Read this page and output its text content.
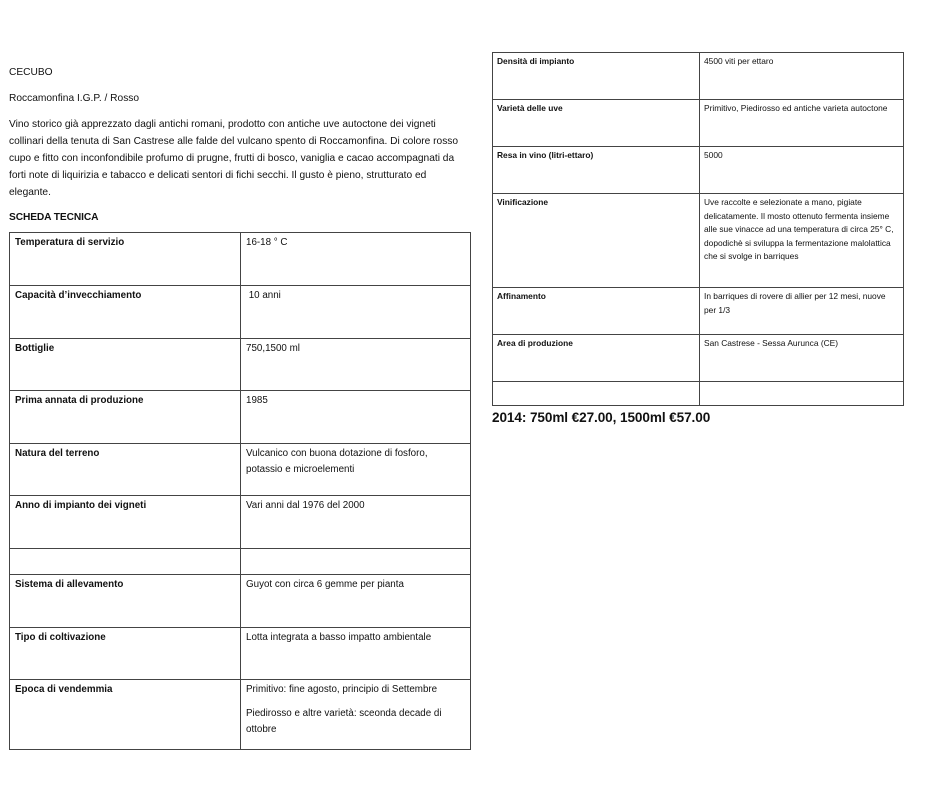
CECUBO

Roccamonfina I.G.P. / Rosso

Vino storico già apprezzato dagli antichi romani, prodotto con antiche uve autoctone dei vigneti collinari della tenuta di San Castrese alle falde del vulcano spento di Roccamonfina. Di colore rosso cupo e fitto con inconfondibile profumo di prugne, frutti di bosco, vaniglia e cacao accompagnati da forti note di liquirizia e tabacco e delicati sentori di fichi secchi. Il gusto è pieno, strutturato ed elegante.

SCHEDA TECNICA

Temperatura di servizio	16-18 ° C
Capacità d’invecchiamento	10 anni
Bottiglie	750,1500 ml
Prima annata di produzione	1985
Natura del terreno	Vulcanico con buona dotazione di fosforo, potassio e microelementi
Anno di impianto dei vigneti	Vari anni dal 1976 del 2000

Sistema di allevamento	Guyot con circa 6 gemme per pianta
Tipo di coltivazione	Lotta integrata a basso impatto ambientale
Epoca di vendemmia	Primitivo: fine agosto, principio di Settembre

Piedirosso e altre varietà: sceonda decade di ottobre

Densità di impianto	4500 viti per ettaro
Varietà delle uve	Primitivo, Piedirosso ed antiche varieta autoctone
Resa in vino (litri-ettaro)	5000
Vinificazione	Uve raccolte e selezionate a mano, pigiate delicatamente. Il mosto ottenuto fermenta insieme alle sue vinacce ad una temperatura di circa 25° C, dopodichè si sviluppa la fermentazione malolattica che si svolge in barriques
Affinamento	In barriques di rovere di allier per 12 mesi, nuove per 1/3
Area di produzione	San Castrese - Sessa Aurunca (CE)

2014: 750ml €27.00, 1500ml €57.00
